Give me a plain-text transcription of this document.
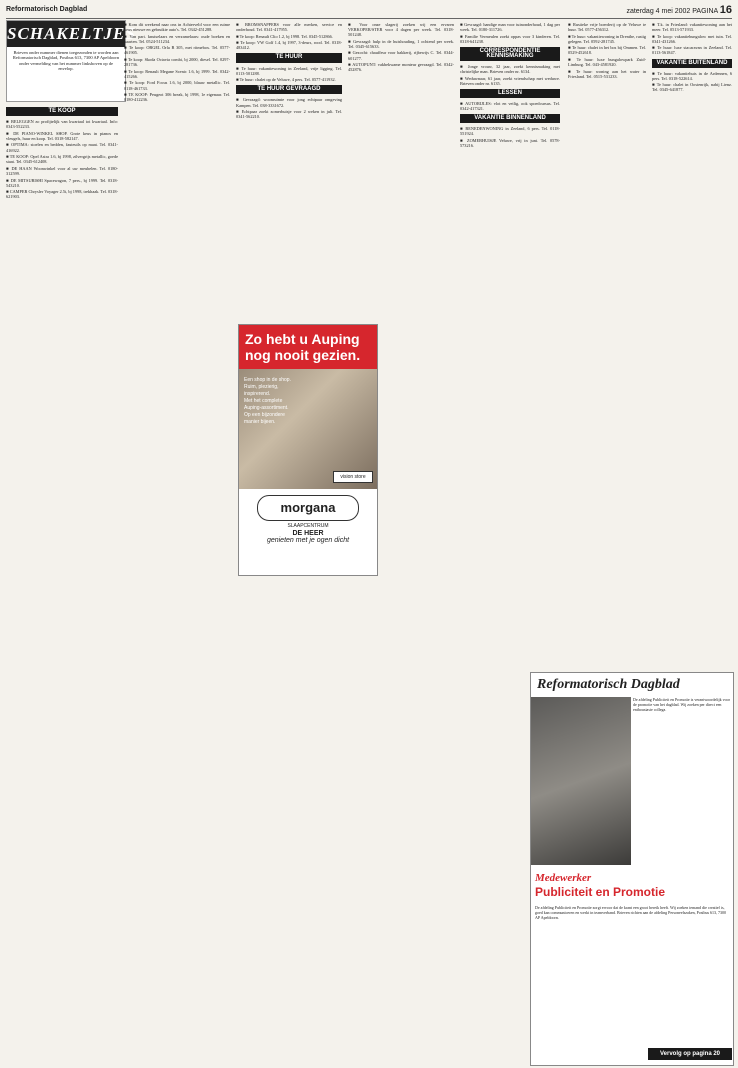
Reformatorisch Dagblad	zaterdag 4 mei 2002 PAGINA 16
SCHAKELTJES
Brieven onder nummer dienen toegezonden te worden aan Reformatorisch Dagblad, Postbus 613, 7300 AP Apeldoorn onder vermelding van het nummer linksboven op de envelop.
TE KOOP

■ BELEGGEN zo profijtelijk van kwartaal tot kwartaal. Info: 0343-552233.

■ DE PIANO-WINKEL SHOP. Grote keus in pianos en vleugels, huur en koop. Tel. 0318-582147.

■ OPTIMA: stoelen en bedden, fauteuils op maat. Tel. 0341-416922.

■ TE KOOP: Opel Astra 1.6, bj 1998, zilvergrijs metallic, goede staat. Tel. 0345-612408.

■ DE HAAN Woonwinkel voor al uw meubelen. Tel. 0180-312599.

■ DE MITSUBISHI Spacewagon, 7 pers., bj 1999. Tel. 0318-543210.

■ CAMPER Chrysler Voyager 2.5i, bj 1998, trekhaak. Tel. 0318-621903.

■ Kom dit weekend naar ons in Achterveld voor een ruime keus nieuwe en gebruikte auto's. Tel. 0342-451288.

■ Van part. knutselaars en verzamelaars: oude boeken en kaarten. Tel. 0524-511234.

■ Te koop: OBGEL Orla B 305, met ritmebox. Tel. 0577-461905.

■ Te koop: Skoda Octavia combi, bj 2000, diesel. Tel. 0297-281736.

■ Te koop: Renault Megane Scenic 1.6, bj 1999. Tel. 0342-415266.

■ Te koop: Ford Focus 1.6, bj 2000, blauw metallic. Tel. 0118-461733.

■ TE KOOP: Peugeot 306 break, bj 1998, 1e eigenaar. Tel. 0180-412236.

■ BROMSNAPPERS voor alle merken, service en onderhoud. Tel. 0341-417955.

■ Te koop: Renault Clio 1.2, bj 1998. Tel. 0345-512866.

■ Te koop: VW Golf 1.4, bj 1997, 3-deurs, rood. Tel. 0318-483412.

TE HUUR

■ Te huur: vakantiewoning in Zeeland, vrije ligging. Tel. 0113-501288.

■ Te huur: chalet op de Veluwe, 4 pers. Tel. 0577-411932.

TE HUUR GEVRAAGD

■ Gevraagd: woonruimte voor jong echtpaar omgeving Kampen. Tel. 038-3331672.

■ Echtpaar zoekt zomerhuisje voor 2 weken in juli. Tel. 0341-562210.

■ Voor onze slagerij zoeken wij een ervaren VERKOPER/STER voor 4 dagen per week. Tel. 0318-501248.

■ Gevraagd: hulp in de huishouding, 1 ochtend per week. Tel. 0345-615633.

■ Gezocht: chauffeur voor bakkerij, rijbewijs C. Tel. 0344-601277.

■ AUTOPUNT: vakbekwame monteur gevraagd. Tel. 0342-452876.

■ Gevraagd: handige man voor tuinonderhoud, 1 dag per week. Tel. 0180-311726.

■ Familie Vermeulen zoekt oppas voor 3 kinderen. Tel. 0318-641238.

CORRESPONDENTIE KENNISMAKING

■ Jonge vrouw, 32 jaar, zoekt kennismaking met christelijke man. Brieven onder nr. 6134.

■ Weduwnaar, 61 jaar, zoekt vriendschap met weduwe. Brieven onder nr. 6135.

LESSEN

■ AUTORIJLES: vlot en veilig, ook spoedcursus. Tel. 0342-417321.

VAKANTIE BINNENLAND

■ BENEDENWONING in Zeeland, 6 pers. Tel. 0118-551924.

■ ZOMERHUISJE Veluwe, vrij in juni. Tel. 0578-573216.

■ Rustieke vrije boerderij op de Veluwe te huur. Tel. 0577-456312.

■ Te huur: vakantiewoning in Drenthe, rustig gelegen. Tel. 0592-281745.

■ Te huur: chalet in het bos bij Ommen. Tel. 0529-452618.

■ Te huur: luxe bungalowpark Zuid-Limburg. Tel. 043-4581920.

■ Te huur: woning aan het water in Friesland. Tel. 0515-531233.

■ T.k. in Friesland: vakantiewoning aan het meer. Tel. 0513-571933.

■ Te koop: vakantiebungalow met tuin. Tel. 0341-431266.

■ Te huur: luxe stacaravan in Zeeland. Tel. 0113-561847.

VAKANTIE BUITENLAND

■ Te huur: vakantiehuis in de Ardennen, 6 pers. Tel. 0318-522614.

■ Te huur: chalet in Oostenrijk, nabij Lienz. Tel. 0345-641877.

Zo hebt u Auping nog nooit gezien.
Een shop in de shop.
Ruim, plezierig,
inspirerend.
Met het complete
Auping-assortiment.
Op een bijzondere
manier bijeen.
vision store
morgana
SLAAPCENTRUM
DE HEER
genieten met je ogen dicht
Reformatorisch Dagblad
De afdeling Publiciteit en Promotie is verantwoordelijk voor de promotie van het dagblad. Wij zoeken per direct een enthousiaste collega.
Medewerker
Publiciteit en Promotie
De afdeling Publiciteit en Promotie zorgt ervoor dat de krant een groot bereik heeft. Wij zoeken iemand die creatief is, goed kan communiceren en werkt in teamverband. Brieven richten aan de afdeling Personeelszaken, Postbus 613, 7300 AP Apeldoorn.
Vervolg op pagina 20
